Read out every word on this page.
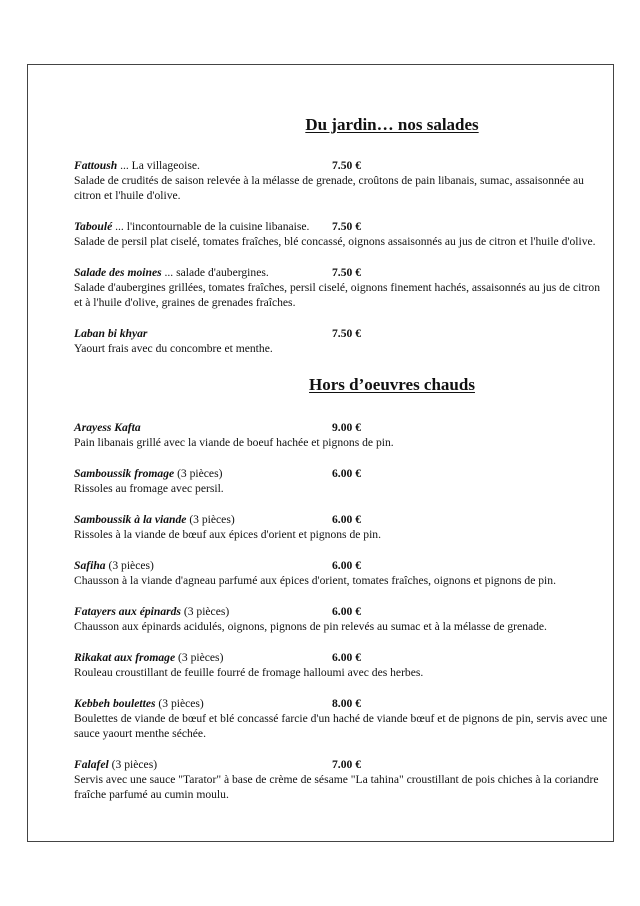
Du jardin… nos salades
Fattoush ... La villageoise.	7.50 €
Salade de crudités de saison relevée à la mélasse de grenade, croûtons de pain libanais, sumac, assaisonnée au citron et l'huile d'olive.
Taboulé ... l'incontournable de la cuisine libanaise.	7.50 €
Salade de persil plat ciselé, tomates fraîches, blé concassé, oignons assaisonnés au jus de citron et l'huile d'olive.
Salade des moines ... salade d'aubergines.	7.50 €
Salade d'aubergines grillées, tomates fraîches, persil ciselé, oignons finement hachés, assaisonnés au jus de citron et à l'huile d'olive, graines de grenades fraîches.
Laban bi khyar	7.50 €
Yaourt frais avec du concombre et menthe.
Hors d’oeuvres chauds
Arayess Kafta	9.00 €
Pain libanais grillé avec la viande de boeuf hachée et pignons de pin.
Samboussik fromage (3 pièces)	6.00 €
Rissoles au fromage avec persil.
Samboussik à la viande (3 pièces)	6.00 €
Rissoles à la viande de bœuf aux épices d'orient et pignons de pin.
Safiha (3 pièces)	6.00 €
Chausson à la viande d'agneau parfumé aux épices d'orient, tomates fraîches, oignons et pignons de pin.
Fatayers aux épinards (3 pièces)	6.00 €
Chausson aux épinards acidulés, oignons, pignons de pin relevés au sumac et à la mélasse de grenade.
Rikakat aux fromage (3 pièces)	6.00 €
Rouleau croustillant de feuille fourré de fromage halloumi avec des herbes.
Kebbeh boulettes (3 pièces)	8.00 €
Boulettes de viande de bœuf et blé concassé farcie d'un haché de viande bœuf et de pignons de pin, servis avec une sauce yaourt menthe séchée.
Falafel (3 pièces)	7.00 €
Servis avec une sauce "Tarator" à base de crème de sésame "La tahina" croustillant de pois chiches à la coriandre fraîche parfumé au cumin moulu.
